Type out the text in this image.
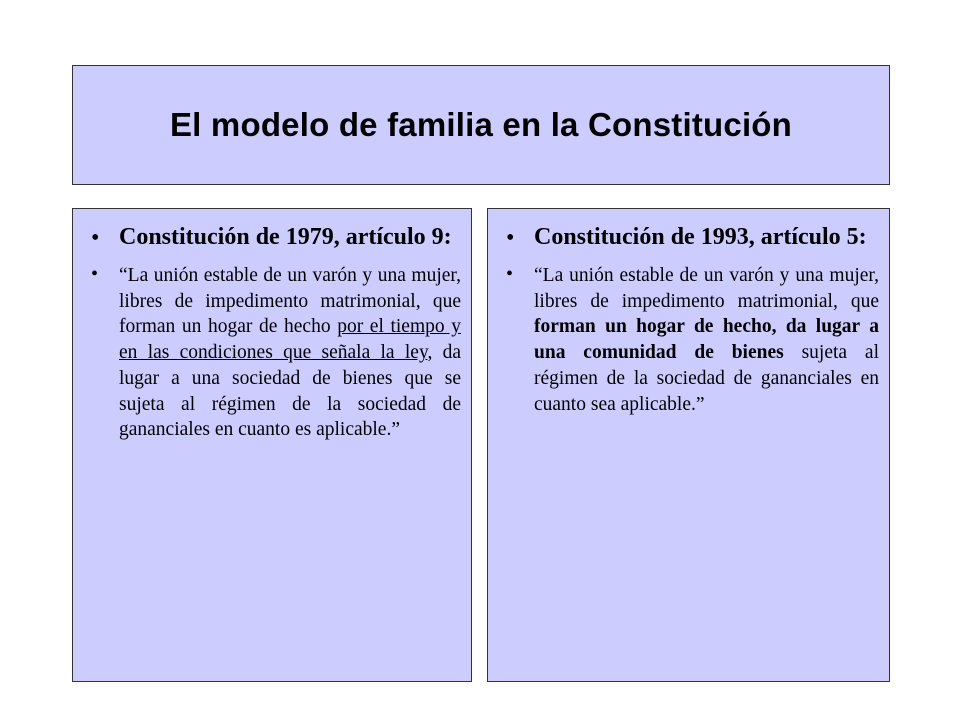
El modelo de familia en la Constitución
• Constitución de 1979, artículo 9:
• “La unión estable de un varón y una mujer, libres de impedimento matrimonial, que forman un hogar de hecho por el tiempo y en las condiciones que señala la ley, da lugar a una sociedad de bienes que se sujeta al régimen de la sociedad de gananciales en cuanto es aplicable.”
• Constitución de 1993, artículo 5:
• “La unión estable de un varón y una mujer, libres de impedimento matrimonial, que forman un hogar de hecho, da lugar a una comunidad de bienes sujeta al régimen de la sociedad de gananciales en cuanto sea aplicable.”
